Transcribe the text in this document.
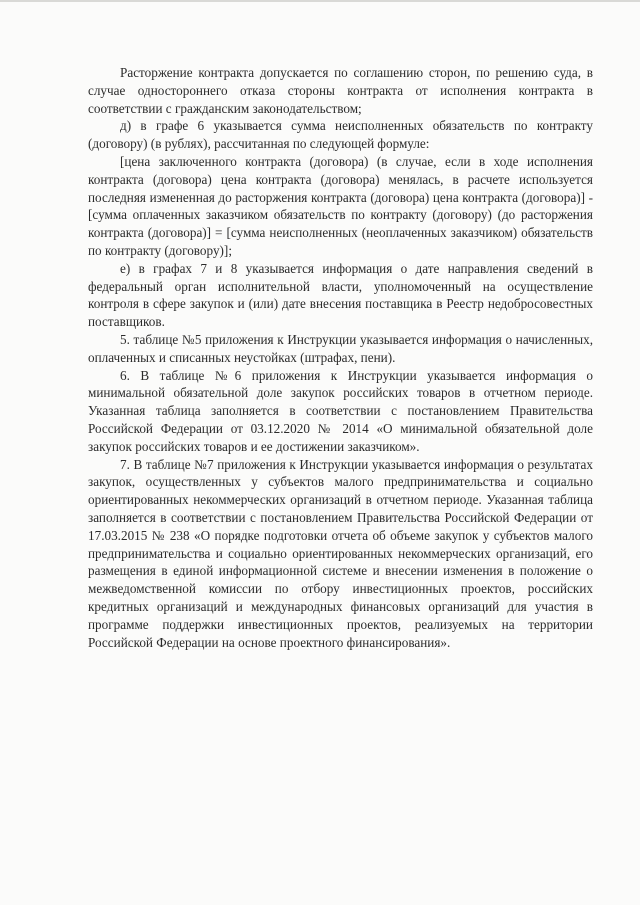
Расторжение контракта допускается по соглашению сторон, по решению суда, в случае одностороннего отказа стороны контракта от исполнения контракта в соответствии с гражданским законодательством;

д) в графе 6 указывается сумма неисполненных обязательств по контракту (договору) (в рублях), рассчитанная по следующей формуле:

[цена заключенного контракта (договора) (в случае, если в ходе исполнения контракта (договора) цена контракта (договора) менялась, в расчете используется последняя измененная до расторжения контракта (договора) цена контракта (договора)] - [сумма оплаченных заказчиком обязательств по контракту (договору) (до расторжения контракта (договора)] = [сумма неисполненных (неоплаченных заказчиком) обязательств по контракту (договору)];

е) в графах 7 и 8 указывается информация о дате направления сведений в федеральный орган исполнительной власти, уполномоченный на осуществление контроля в сфере закупок и (или) дате внесения поставщика в Реестр недобросовестных поставщиков.

5. таблице №5 приложения к Инструкции указывается информация о начисленных, оплаченных и списанных неустойках (штрафах, пени).

6. В таблице №6 приложения к Инструкции указывается информация о минимальной обязательной доле закупок российских товаров в отчетном периоде. Указанная таблица заполняется в соответствии с постановлением Правительства Российской Федерации от 03.12.2020 № 2014 «О минимальной обязательной доле закупок российских товаров и ее достижении заказчиком».

7. В таблице №7 приложения к Инструкции указывается информация о результатах закупок, осуществленных у субъектов малого предпринимательства и социально ориентированных некоммерческих организаций в отчетном периоде. Указанная таблица заполняется в соответствии с постановлением Правительства Российской Федерации от 17.03.2015 № 238 «О порядке подготовки отчета об объеме закупок у субъектов малого предпринимательства и социально ориентированных некоммерческих организаций, его размещения в единой информационной системе и внесении изменения в положение о межведомственной комиссии по отбору инвестиционных проектов, российских кредитных организаций и международных финансовых организаций для участия в программе поддержки инвестиционных проектов, реализуемых на территории Российской Федерации на основе проектного финансирования».
